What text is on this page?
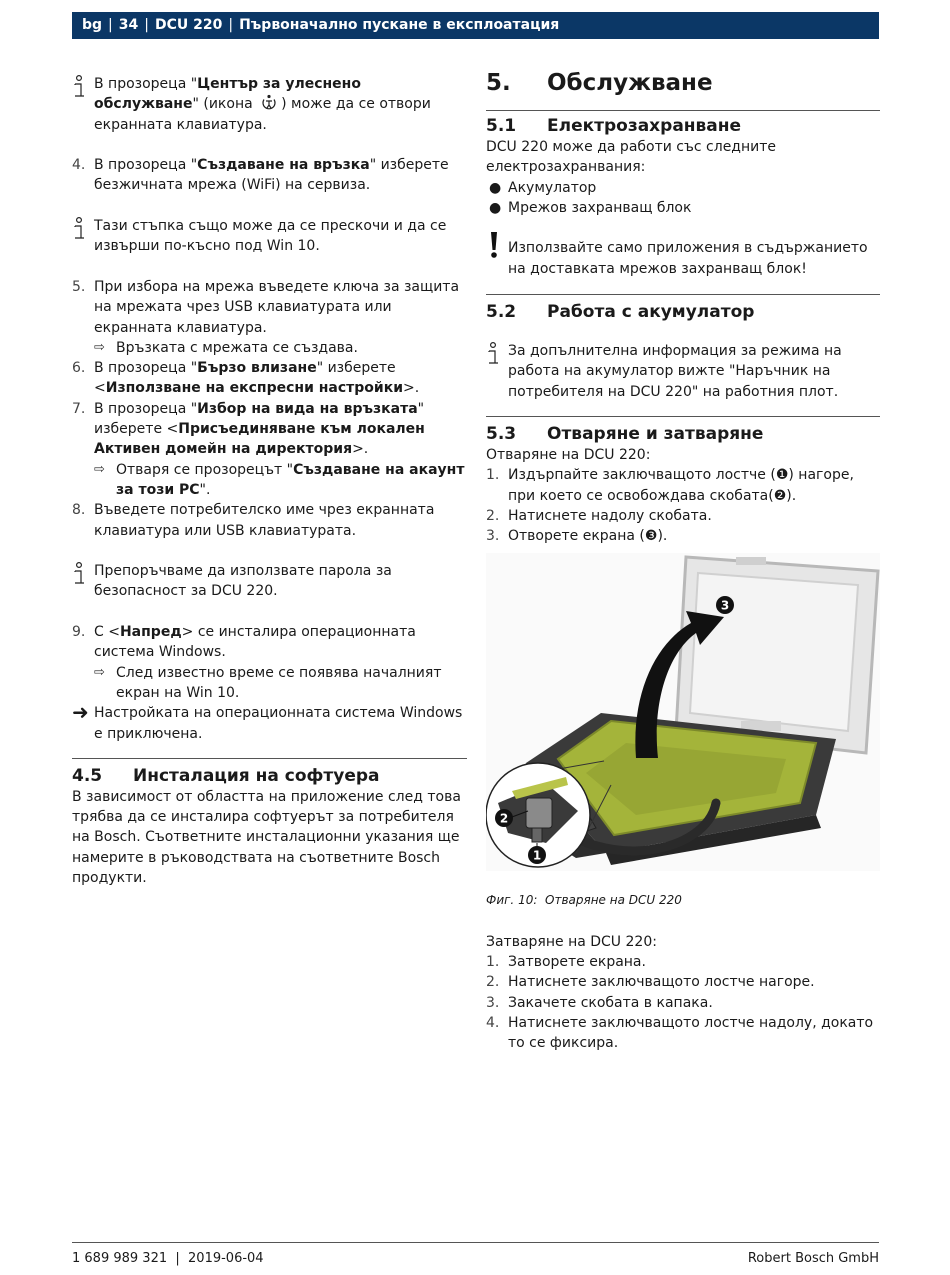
bg | 34 | DCU 220 | Първоначално пускане в експлоатация
В прозореца "Център за улеснено обслужване" (икона ) може да се отвори екранната клавиатура.
4. В прозореца "Създаване на връзка" изберете безжичната мрежа (WiFi) на сервиза.
Тази стъпка също може да се прескочи и да се извърши по-късно под Win 10.
5. При избора на мрежа въведете ключа за защита на мрежата чрез USB клавиатурата или екранната клавиатура.
⇨ Връзката с мрежата се създава.
6. В прозореца "Бързо влизане" изберете <Използване на експресни настройки>.
7. В прозореца "Избор на вида на връзката" изберете <Присъединяване към локален Активен домейн на директория>.
⇨ Отваря се прозорецът "Създаване на акаунт за този PC".
8. Въведете потребителско име чрез екранната клавиатура или USB клавиатурата.
Препоръчваме да използвате парола за безопасност за DCU 220.
9. С <Напред> се инсталира операционната система Windows.
⇨ След известно време се появява началният екран на Win 10.
➜ Настройката на операционната система Windows е приключена.
4.5	Инсталация на софтуера
В зависимост от областта на приложение след това трябва да се инсталира софтуерът за потребителя на Bosch. Съответните инсталационни указания ще намерите в ръководствата на съответните Bosch продукти.
5.	Обслужване
5.1	Електрозахранване
DCU 220 може да работи със следните електрозахранвания:
● Акумулатор
● Мрежов захранващ блок
Използвайте само приложения в съдържанието на доставката мрежов захранващ блок!
5.2	Работа с акумулатор
За допълнителна информация за режима на работа на акумулатор вижте "Наръчник на потребителя на DCU 220" на работния плот.
5.3	Отваряне и затваряне
Отваряне на DCU 220:
1. Издърпайте заключващото лостче (❶) нагоре, при което се освобождава скобата(❷).
2. Натиснете надолу скобата.
3. Отворете екрана (❸).
3
2
1
Фиг. 10: Отваряне на DCU 220
Затваряне на DCU 220:
1. Затворете екрана.
2. Натиснете заключващото лостче нагоре.
3. Закачете скобата в капака.
4. Натиснете заключващото лостче надолу, докато то се фиксира.
1 689 989 321  |  2019-06-04	Robert Bosch GmbH
